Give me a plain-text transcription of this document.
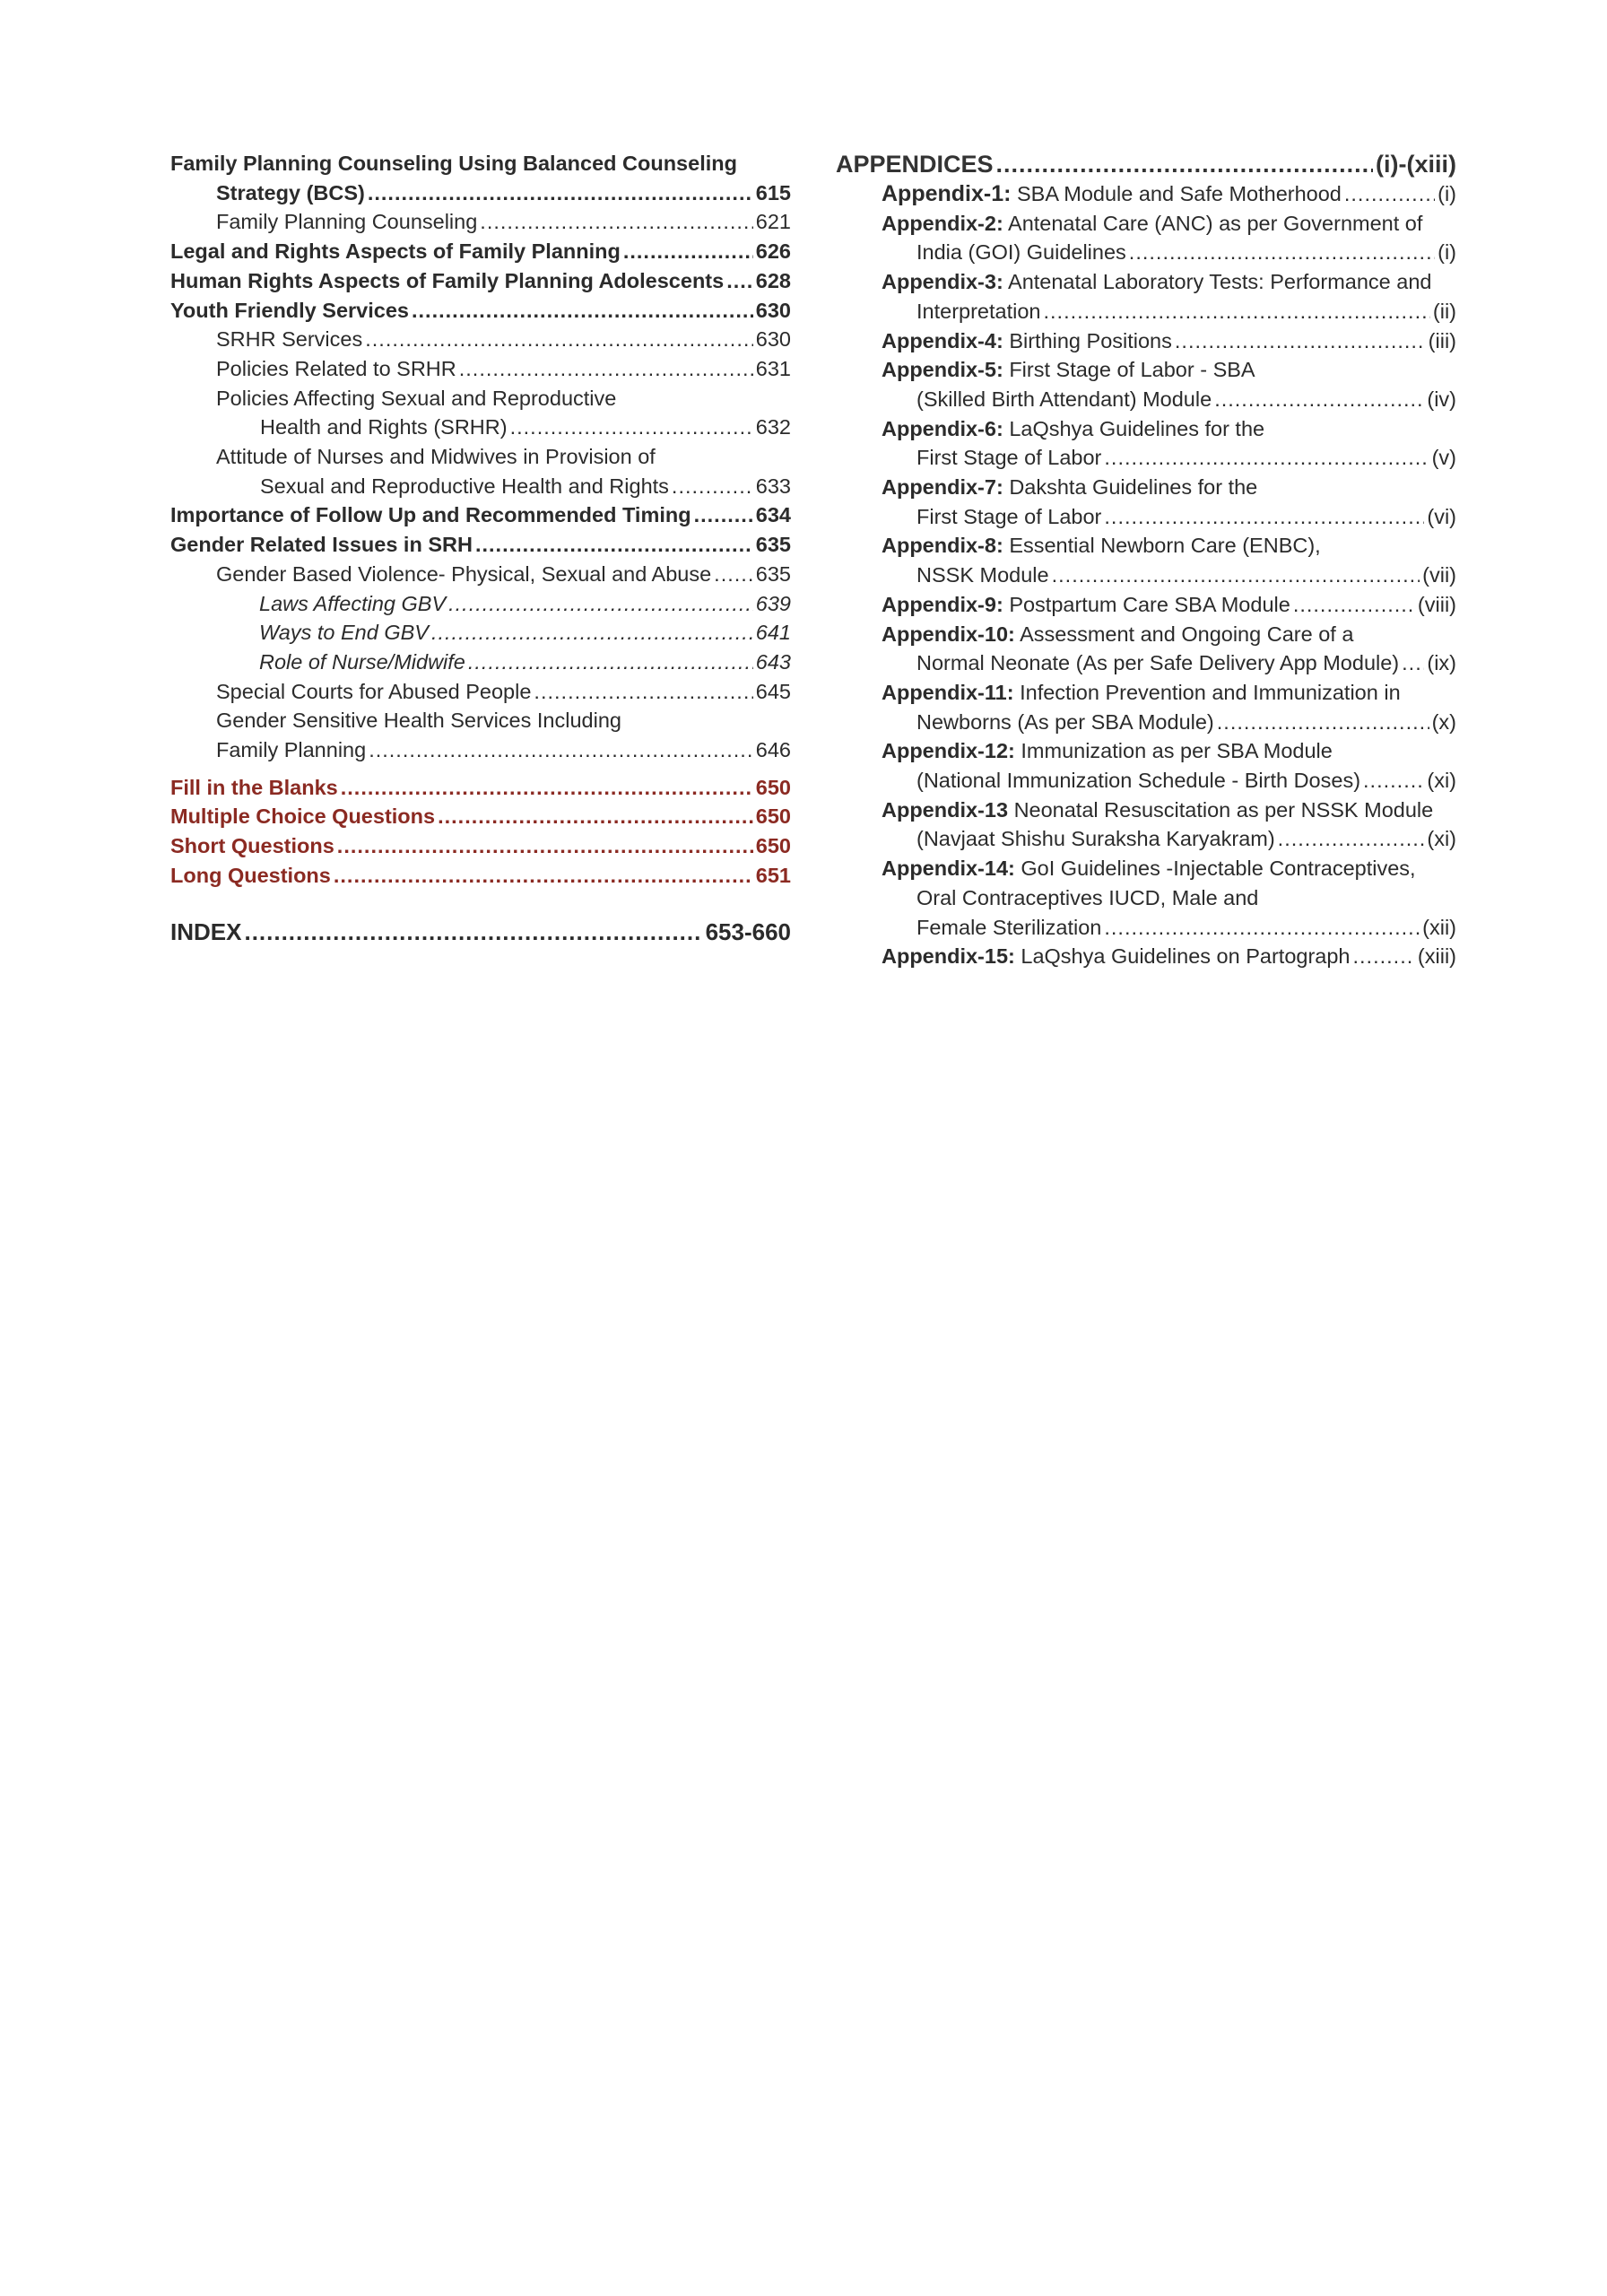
Family Planning Counseling Using Balanced Counseling
Strategy (BCS) .....	615
Family Planning Counseling .....	621
Legal and Rights Aspects of Family Planning .....	626
Human Rights Aspects of Family Planning Adolescents ..... 628
Youth Friendly Services .....	630
SRHR Services .....	630
Policies Related to SRHR .....	631
Policies Affecting Sexual and Reproductive
Health and Rights (SRHR) .....	632
Attitude of Nurses and Midwives in Provision of
Sexual and Reproductive Health and Rights .....	633
Importance of Follow Up and Recommended Timing .....	634
Gender Related Issues in SRH .....	635
Gender Based Violence- Physical, Sexual and Abuse ..... 635
Laws Affecting GBV .....	639
Ways to End GBV .....	641
Role of Nurse/Midwife .....	643
Special Courts for Abused People .....	645
Gender Sensitive Health Services Including
Family Planning .....	646
Fill in the Blanks .....	650
Multiple Choice Questions .....	650
Short Questions .....	650
Long Questions .....	651
INDEX .....	653-660
APPENDICES .....	(i)-(xiii)
Appendix-1: SBA Module and Safe Motherhood .....	(i)
Appendix-2: Antenatal Care (ANC) as per Government of
India (GOI) Guidelines .....	(i)
Appendix-3: Antenatal Laboratory Tests: Performance and
Interpretation .....	(ii)
Appendix-4: Birthing Positions .....	(iii)
Appendix-5: First Stage of Labor - SBA
(Skilled Birth Attendant) Module .....	(iv)
Appendix-6: LaQshya Guidelines for the
First Stage of Labor .....	(v)
Appendix-7: Dakshta Guidelines for the
First Stage of Labor .....	(vi)
Appendix-8: Essential Newborn Care (ENBC),
NSSK Module .....	(vii)
Appendix-9: Postpartum Care SBA Module .....	(viii)
Appendix-10: Assessment and Ongoing Care of a
Normal Neonate (As per Safe Delivery App Module) ..... (ix)
Appendix-11: Infection Prevention and Immunization in
Newborns (As per SBA Module) .....	(x)
Appendix-12: Immunization as per SBA Module
(National Immunization Schedule - Birth Doses) .....	(xi)
Appendix-13 Neonatal Resuscitation as per NSSK Module
(Navjaat Shishu Suraksha Karyakram) .....	(xi)
Appendix-14: GoI Guidelines -Injectable Contraceptives,
Oral Contraceptives IUCD, Male and
Female Sterilization .....	(xii)
Appendix-15: LaQshya Guidelines on Partograph .....	(xiii)
